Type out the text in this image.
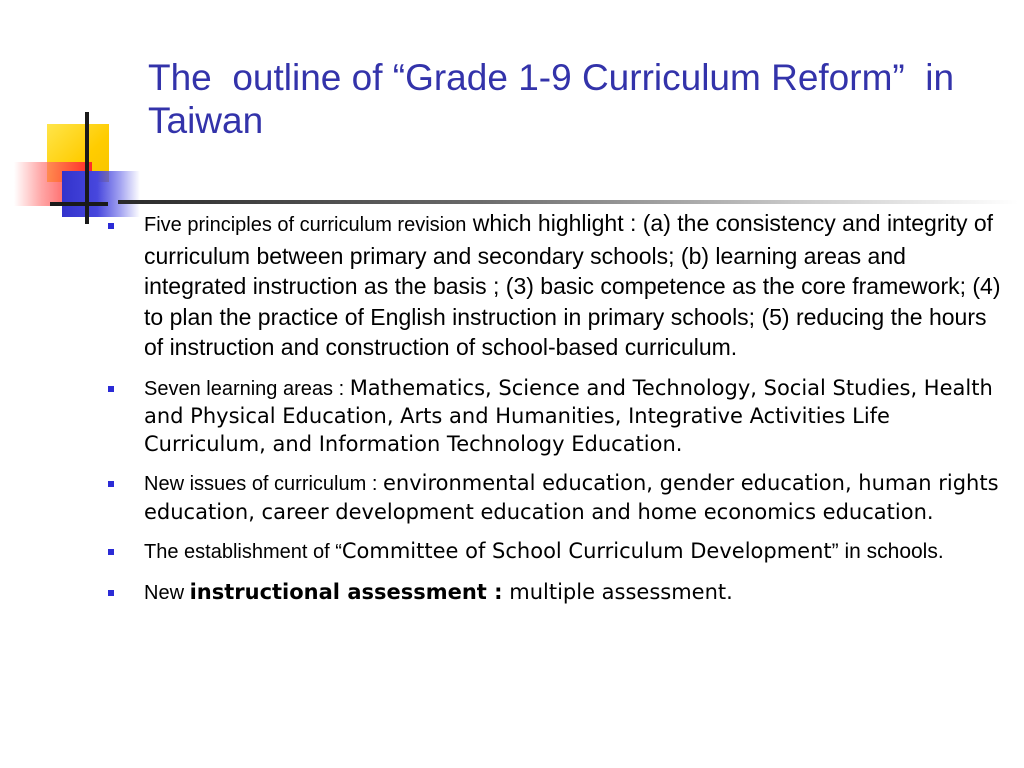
The  outline of “Grade 1-9 Curriculum Reform”  in Taiwan
Five principles of curriculum revision which highlight : (a) the consistency and integrity of curriculum between primary and secondary schools; (b) learning areas and integrated instruction as the basis ; (3) basic competence as the core framework; (4) to plan the practice of English instruction in primary schools; (5) reducing the hours of instruction and construction of school-based curriculum.
Seven learning areas : Mathematics, Science and Technology, Social Studies, Health and Physical Education, Arts and Humanities, Integrative Activities Life Curriculum, and Information Technology Education.
New issues of curriculum : environmental education, gender education, human rights education, career development education and home economics education.
The establishment of “Committee of School Curriculum Development” in schools.
New instructional assessment : multiple assessment.
